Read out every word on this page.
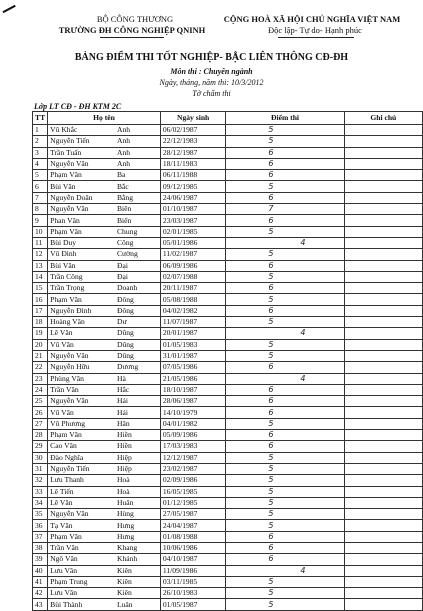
BỘ CÔNG THƯƠNG
TRƯỜNG ĐH CÔNG NGHIỆP QNINH
CỘNG HOÀ XÃ HỘI CHỦ NGHĨA VIỆT NAM
Độc lập- Tự do- Hạnh phúc
BẢNG ĐIỂM THI TỐT NGHIỆP- BẬC LIÊN THÔNG CĐ-ĐH
Môn thi : Chuyên ngành
Ngày, tháng, năm thi: 10/3/2012
Tờ chấm thi
Lớp LT CĐ - ĐH KTM 2C
TT	Họ tên		Ngày sinh	Điểm thi	Ghi chú
1	Vũ Khắc	Anh	06/02/1987	5	
2	Nguyễn Tiến	Anh	22/12/1983	5	
3	Trần Tuấn	Anh	28/12/1987	6	
4	Nguyễn Văn	Anh	18/11/1983	6	
5	Phạm Văn	Ba	06/11/1988	6	
6	Bùi Văn	Bắc	09/12/1985	5	
7	Nguyễn Doãn	Bằng	24/06/1987	6	
8	Nguyễn Văn	Biên	01/10/1987	7	
9	Phan Văn	Biển	23/03/1987	6	
10	Phạm Văn	Chung	02/01/1985	5	
11	Bùi Duy	Công	05/01/1986	4	
12	Vũ Đình	Cường	11/02/1987	5	
13	Bùi Văn	Đại	06/09/1986	6	
14	Trần Công	Đại	02/07/1988	5	
15	Trần Trọng	Doanh	20/11/1987	6	
16	Phạm Văn	Đông	05/08/1988	5	
17	Nguyễn Đình	Đông	04/02/1982	6	
18	Hoàng Văn	Dư	11/07/1987	5	
19	Lê Văn	Dũng	20/01/1987	4	
20	Vũ Văn	Dũng	01/05/1983	5	
21	Nguyễn Văn	Dũng	31/01/1987	5	
22	Nguyễn Hữu	Dương	07/05/1986	6	
23	Phùng Văn	Hà	21/05/1986	4	
24	Trần Văn	Hắc	18/10/1987	6	
25	Nguyễn Văn	Hải	28/06/1987	6	
26	Vũ Văn	Hải	14/10/1979	6	
27	Vũ Phương	Hân	04/01/1982	5	
28	Phạm Văn	Hiền	05/09/1986	6	
29	Cao Văn	Hiền	17/03/1983	6	
30	Đào Nghĩa	Hiệp	12/12/1987	5	
31	Nguyễn Tiến	Hiệp	23/02/1987	5	
32	Lưu Thanh	Hoà	02/09/1986	5	
33	Lê Tiến	Hoà	16/05/1985	5	
34	Lê Văn	Huân	01/12/1985	5	
35	Nguyễn Văn	Hùng	27/05/1987	5	
36	Tạ Văn	Hưng	24/04/1987	5	
37	Phạm Văn	Hưng	01/08/1988	6	
38	Trần Văn	Khang	10/06/1986	6	
39	Ngô Văn	Khánh	04/10/1987	6	
40	Lưu Văn	Kiên	11/09/1986	4	
41	Phạm Trung	Kiên	03/11/1985	5	
42	Lưu Văn	Kiên	26/10/1983	5	
43	Bùi Thành	Luân	01/05/1987	5	
